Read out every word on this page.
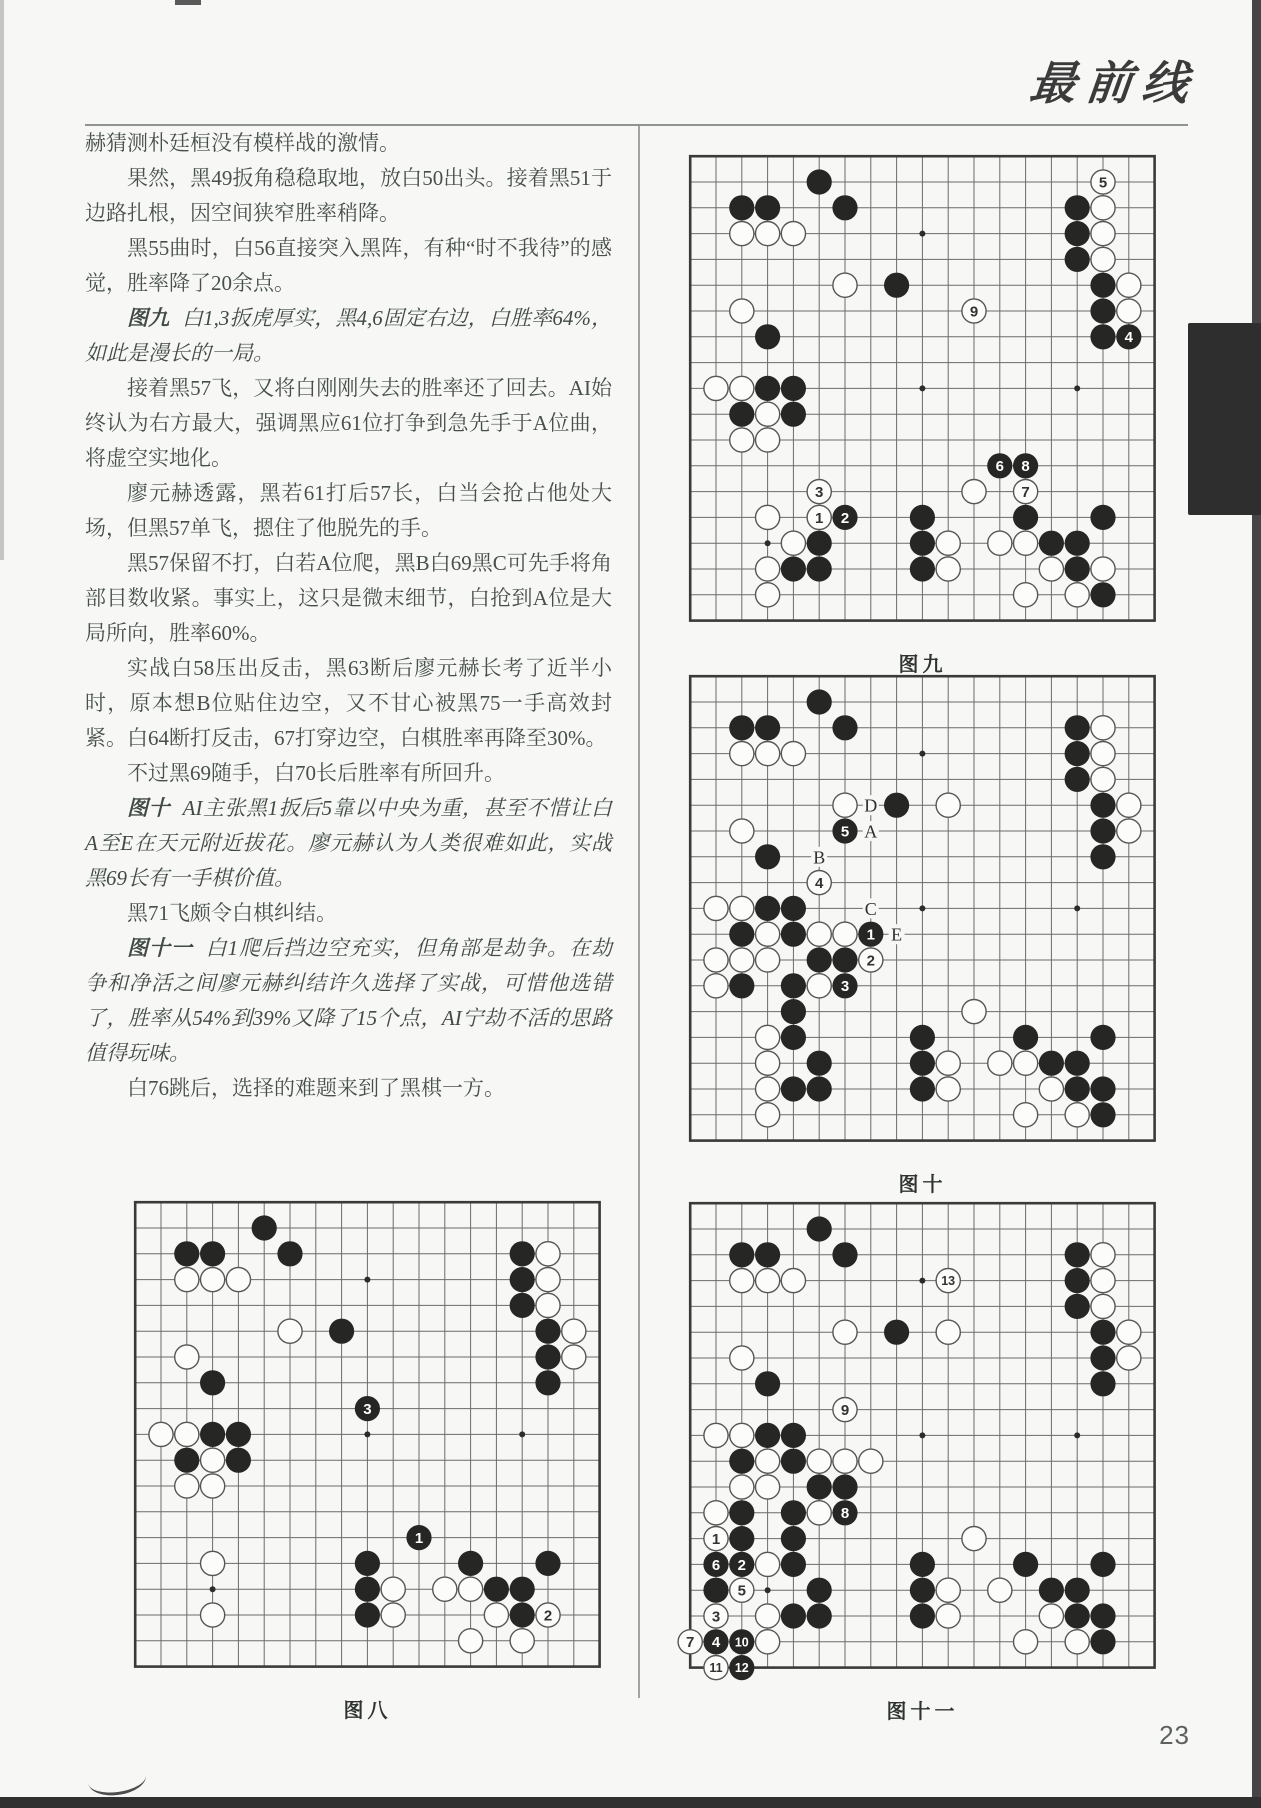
最前线

赫猜测朴廷桓没有模样战的激情。

果然，黑49扳角稳稳取地，放白50出头。接着黑51于边路扎根，因空间狭窄胜率稍降。

黑55曲时，白56直接突入黑阵，有种“时不我待”的感觉，胜率降了20余点。

图九 白1,3扳虎厚实，黑4,6固定右边，白胜率64%，如此是漫长的一局。

接着黑57飞，又将白刚刚失去的胜率还了回去。AI始终认为右方最大，强调黑应61位打争到急先手于A位曲，将虚空实地化。

廖元赫透露，黑若61打后57长，白当会抢占他处大场，但黑57单飞，摁住了他脱先的手。

黑57保留不打，白若A位爬，黑B白69黑C可先手将角部目数收紧。事实上，这只是微末细节，白抢到A位是大局所向，胜率60%。

实战白58压出反击，黑63断后廖元赫长考了近半小时，原本想B位贴住边空，又不甘心被黑75一手高效封紧。白64断打反击，67打穿边空，白棋胜率再降至30%。

不过黑69随手，白70长后胜率有所回升。

图十 AI主张黑1扳后5靠以中央为重，甚至不惜让白A至E在天元附近拔花。廖元赫认为人类很难如此，实战黑69长有一手棋价值。

黑71飞颇令白棋纠结。

图十一 白1爬后挡边空充实，但角部是劫争。在劫争和净活之间廖元赫纠结许久选择了实战，可惜他选错了，胜率从54%到39%又降了15个点，AI宁劫不活的思路值得玩味。

白76跳后，选择的难题来到了黑棋一方。

1 2
3
4
5
6
7
8
9
图九
1
2
3
4
5
D
A
B
C
E
图十
1
2
3
4
5
6
7
8
9
10
11 12
13
图十一
1
2
3
图八
23
